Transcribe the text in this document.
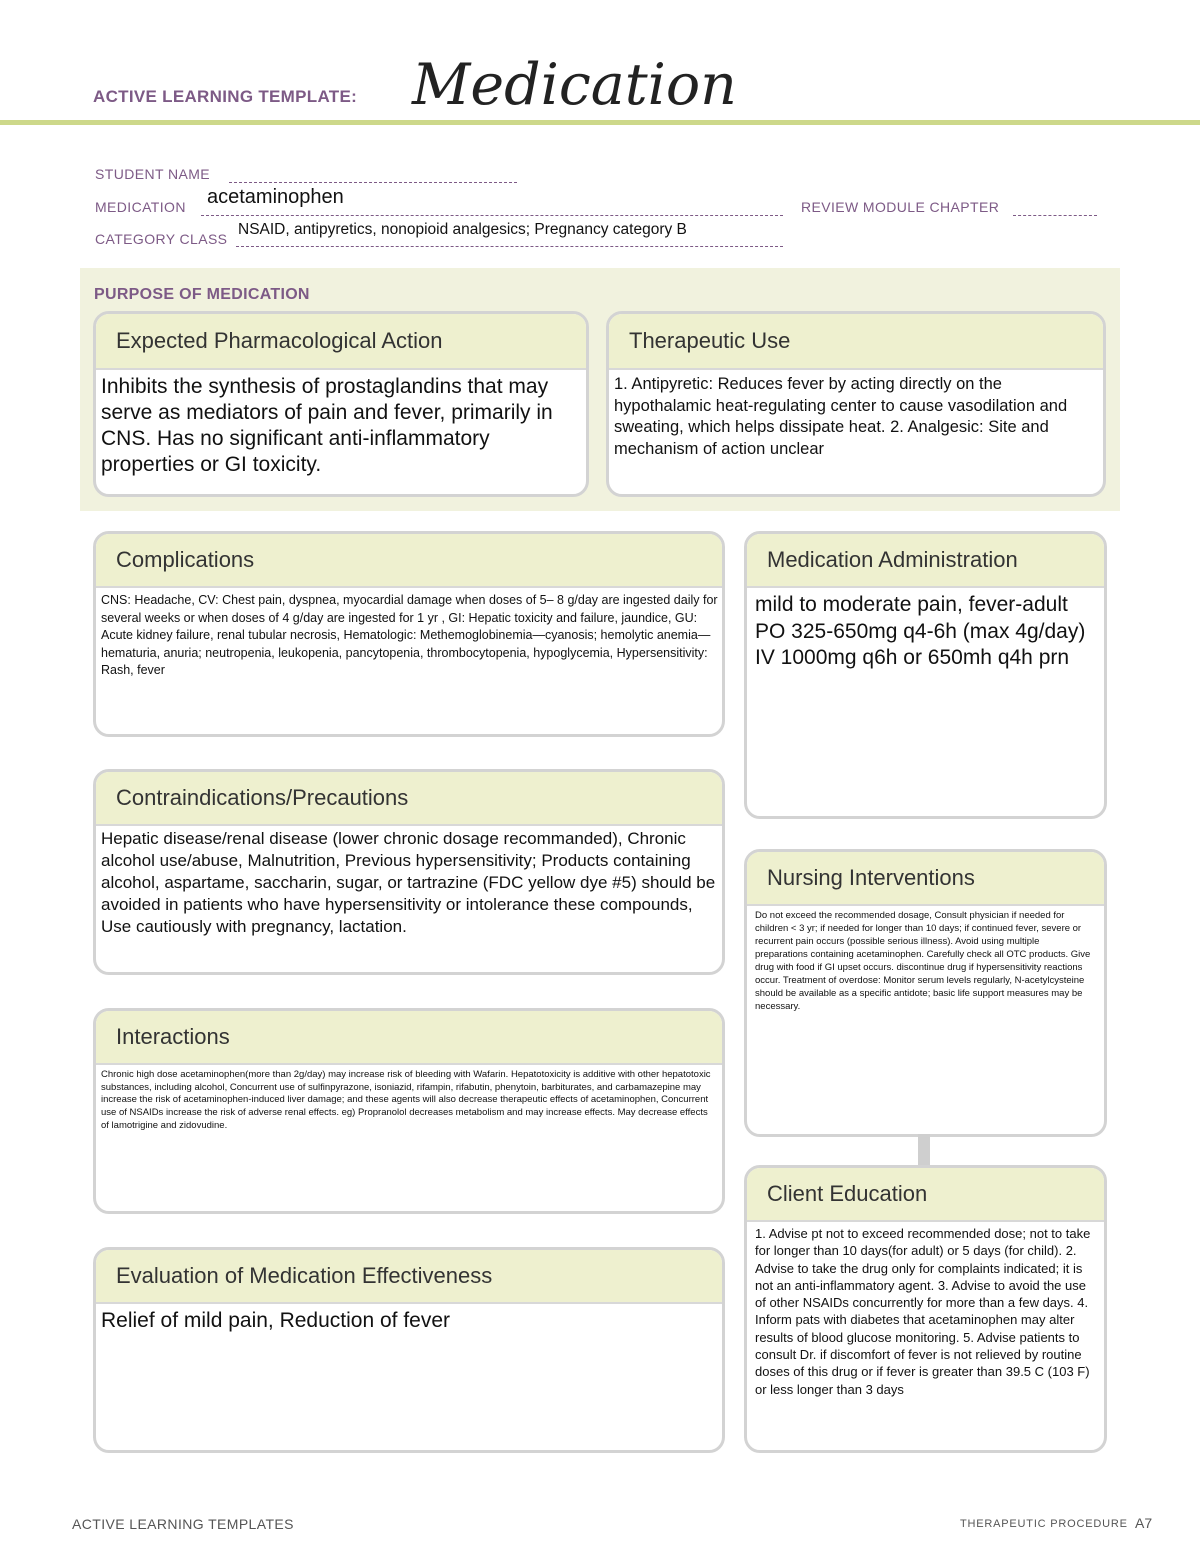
ACTIVE LEARNING TEMPLATE: Medication
STUDENT NAME
MEDICATION acetaminophen	REVIEW MODULE CHAPTER
CATEGORY CLASS
NSAID, antipyretics, nonopioid analgesics; Pregnancy category B
PURPOSE OF MEDICATION
Expected Pharmacological Action
Inhibits the synthesis of prostaglandins that may serve as mediators of pain and fever, primarily in CNS. Has no significant anti-inflammatory properties or GI toxicity.
Therapeutic Use
1. Antipyretic: Reduces fever by acting directly on the hypothalamic heat-regulating center to cause vasodilation and sweating, which helps dissipate heat. 2. Analgesic: Site and mechanism of action unclear
Complications
CNS: Headache, CV: Chest pain, dyspnea, myocardial damage when doses of 5– 8 g/day are ingested daily for several weeks or when doses of 4 g/day are ingested for 1 yr , GI: Hepatic toxicity and failure, jaundice, GU: Acute kidney failure, renal tubular necrosis, Hematologic: Methemoglobinemia—cyanosis; hemolytic anemia—hematuria, anuria; neutropenia, leukopenia, pancytopenia, thrombocytopenia, hypoglycemia, Hypersensitivity: Rash, fever
Contraindications/Precautions
Hepatic disease/renal disease (lower chronic dosage recommanded), Chronic alcohol use/abuse, Malnutrition, Previous hypersensitivity; Products containing alcohol, aspartame, saccharin, sugar, or tartrazine (FDC yellow dye #5) should be avoided in patients who have hypersensitivity or intolerance these compounds, Use cautiously with pregnancy, lactation.
Interactions
Chronic high dose acetaminophen(more than 2g/day) may increase risk of bleeding with Wafarin. Hepatotoxicity is additive with other hepatotoxic substances, including alcohol, Concurrent use of sulfinpyrazone, isoniazid, rifampin, rifabutin, phenytoin, barbiturates, and carbamazepine may increase the risk of acetaminophen-induced liver damage; and these agents will also decrease therapeutic effects of acetaminophen, Concurrent use of NSAIDs increase the risk of adverse renal effects. eg) Propranolol decreases metabolism and may increase effects. May decrease effects of lamotrigine and zidovudine.
Evaluation of Medication Effectiveness
Relief of mild pain, Reduction of fever
Medication Administration
mild to moderate pain, fever-adult PO 325-650mg q4-6h (max 4g/day) IV 1000mg q6h or 650mh q4h prn
Nursing Interventions
Do not exceed the recommended dosage, Consult physician if needed for children < 3 yr; if needed for longer than 10 days; if continued fever, severe or recurrent pain occurs (possible serious illness). Avoid using multiple preparations containing acetaminophen. Carefully check all OTC products. Give drug with food if GI upset occurs. discontinue drug if hypersensitivity reactions occur. Treatment of overdose: Monitor serum levels regularly, N-acetylcysteine should be available as a specific antidote; basic life support measures may be necessary.
Client Education
1. Advise pt not to exceed recommended dose; not to take for longer than 10 days(for adult) or 5 days (for child). 2. Advise to take the drug only for complaints indicated; it is not an anti-inflammatory agent. 3. Advise to avoid the use of other NSAIDs concurrently for more than a few days. 4. Inform pats with diabetes that acetaminophen may alter results of blood glucose monitoring. 5. Advise patients to consult Dr. if discomfort of fever is not relieved by routine doses of this drug or if fever is greater than 39.5 C (103 F) or less longer than 3 days
ACTIVE LEARNING TEMPLATES	THERAPEUTIC PROCEDURE A7
